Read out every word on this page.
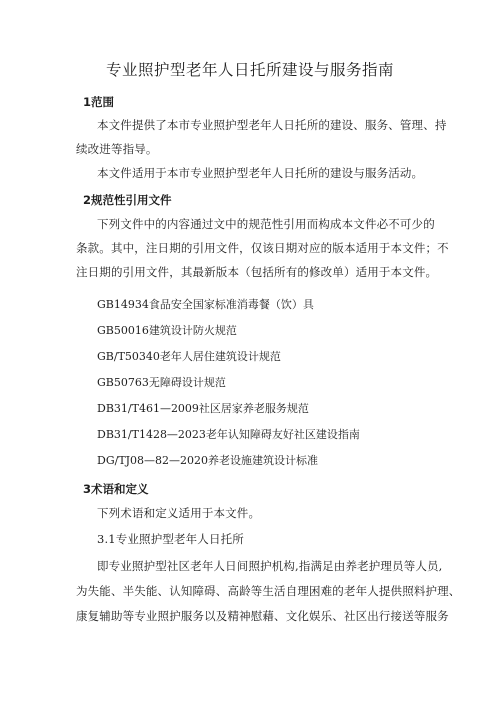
专业照护型老年人日托所建设与服务指南
1范围
本文件提供了本市专业照护型老年人日托所的建设、服务、管理、持
续改进等指导。
本文件适用于本市专业照护型老年人日托所的建设与服务活动。
2规范性引用文件
下列文件中的内容通过文中的规范性引用而构成本文件必不可少的
条款。其中，注日期的引用文件，仅该日期对应的版本适用于本文件；不
注日期的引用文件，其最新版本（包括所有的修改单）适用于本文件。
GB14934食品安全国家标准消毒餐（饮）具
GB50016建筑设计防火规范
GB/T50340老年人居住建筑设计规范
GB50763无障碍设计规范
DB31/T461—2009社区居家养老服务规范
DB31/T1428—2023老年认知障碍友好社区建设指南
DG/TJ08—82—2020养老设施建筑设计标准
3术语和定义
下列术语和定义适用于本文件。
3.1专业照护型老年人日托所
即专业照护型社区老年人日间照护机构,指满足由养老护理员等人员,
为失能、半失能、认知障碍、高龄等生活自理困难的老年人提供照料护理、
康复辅助等专业照护服务以及精神慰藉、文化娱乐、社区出行接送等服务
